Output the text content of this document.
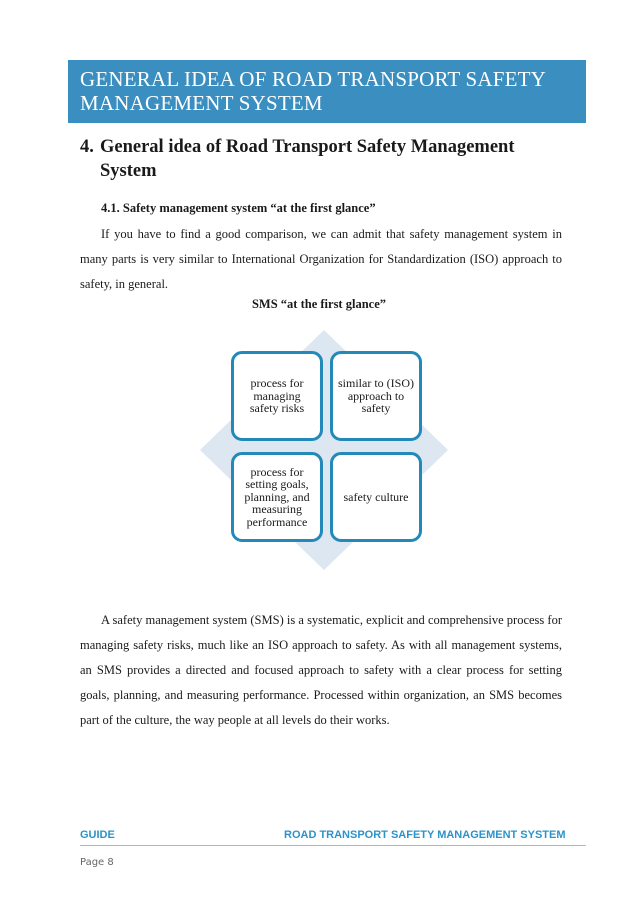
GENERAL IDEA OF ROAD TRANSPORT SAFETY MANAGEMENT SYSTEM
4. General idea of Road Transport Safety Management
System
4.1. Safety management system “at the first glance”
If you have to find a good comparison, we can admit that safety management system in many parts is very similar to International Organization for Standardization (ISO) approach to safety, in general.
SMS “at the first glance”
process for managing safety risks
similar to (ISO) approach to safety
process for setting goals, planning, and measuring performance
safety culture
A safety management system (SMS) is a systematic, explicit and comprehensive process for managing safety risks, much like an ISO approach to safety. As with all management systems, an SMS provides a directed and focused approach to safety with a clear process for setting goals, planning, and measuring performance. Processed within organization, an SMS becomes part of the culture, the way people at all levels do their works.
GUIDE	ROAD TRANSPORT SAFETY MANAGEMENT SYSTEM
Page 8
